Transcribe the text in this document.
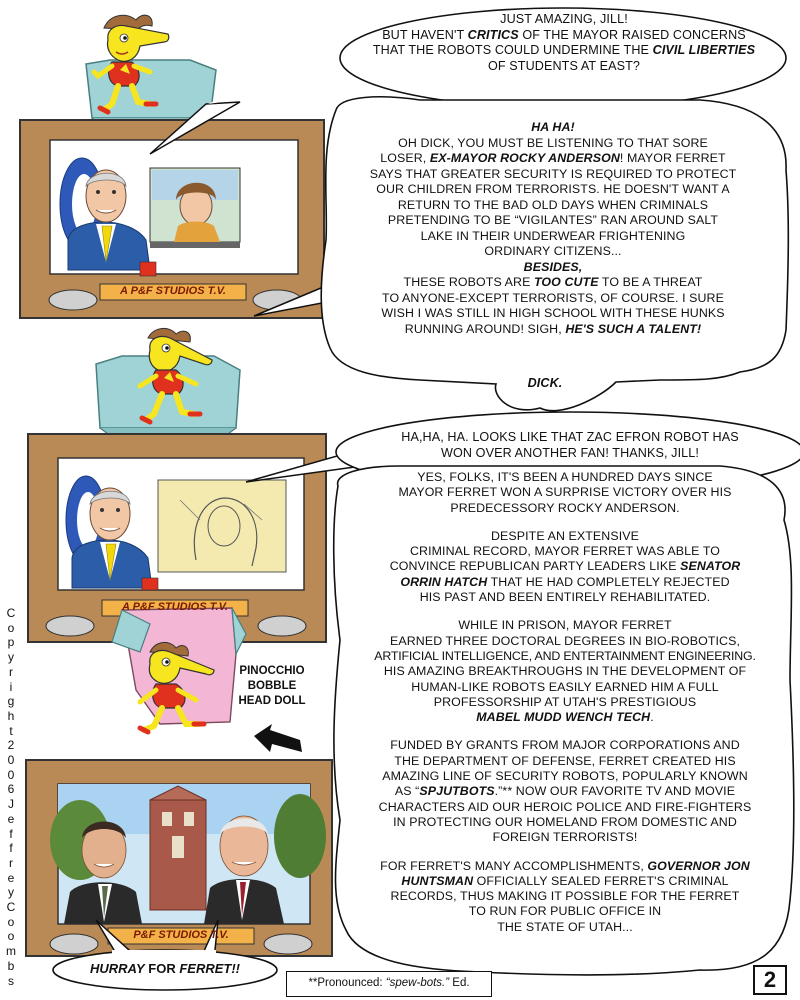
A P&F STUDIOS T.V.
A P&F STUDIOS T.V.
P&F STUDIOS T.V.

JUST AMAZING, JILL!

BUT HAVEN'T CRITICS OF THE MAYOR RAISED CONCERNS

THAT THE ROBOTS COULD UNDERMINE THE CIVIL LIBERTIES

OF STUDENTS AT EAST?

HA HA!

OH DICK, YOU MUST BE LISTENING TO THAT SORE

LOSER, EX-MAYOR ROCKY ANDERSON! MAYOR FERRET

SAYS THAT GREATER SECURITY IS REQUIRED TO PROTECT

OUR CHILDREN FROM TERRORISTS. HE DOESN'T WANT A

RETURN TO THE BAD OLD DAYS WHEN CRIMINALS

PRETENDING TO BE “VIGILANTES” RAN AROUND SALT

LAKE IN THEIR UNDERWEAR FRIGHTENING

ORDINARY CITIZENS...

BESIDES,

THESE ROBOTS ARE TOO CUTE TO BE A THREAT

TO ANYONE-EXCEPT TERRORISTS, OF COURSE. I SURE

WISH I WAS STILL IN HIGH SCHOOL WITH THESE HUNKS

RUNNING AROUND! SIGH, HE'S SUCH A TALENT!

DICK.

HA,HA, HA. LOOKS LIKE THAT ZAC EFRON ROBOT HAS

WON OVER ANOTHER FAN! THANKS, JILL!

YES, FOLKS, IT'S BEEN A HUNDRED DAYS SINCE

MAYOR FERRET WON A SURPRISE VICTORY OVER HIS

PREDECESSORY ROCKY ANDERSON.

DESPITE AN EXTENSIVE

CRIMINAL RECORD, MAYOR FERRET WAS ABLE TO

CONVINCE REPUBLICAN PARTY LEADERS LIKE SENATOR

ORRIN HATCH THAT HE HAD COMPLETELY REJECTED

HIS PAST AND BEEN ENTIRELY REHABILITATED.

WHILE IN PRISON, MAYOR FERRET

EARNED THREE DOCTORAL DEGREES IN BIO-ROBOTICS,

ARTIFICIAL INTELLIGENCE, AND ENTERTAINMENT ENGINEERING.

HIS AMAZING BREAKTHROUGHS IN THE DEVELOPMENT OF

HUMAN-LIKE ROBOTS EASILY EARNED HIM A FULL

PROFESSORSHIP AT UTAH'S PRESTIGIOUS

MABEL MUDD WENCH TECH.

FUNDED BY GRANTS FROM MAJOR CORPORATIONS AND

THE DEPARTMENT OF DEFENSE, FERRET CREATED HIS

AMAZING LINE OF SECURITY ROBOTS, POPULARLY KNOWN

AS “SPJUTBOTS.”** NOW OUR FAVORITE TV AND MOVIE

CHARACTERS AID OUR HEROIC POLICE AND FIRE-FIGHTERS

IN PROTECTING OUR HOMELAND FROM DOMESTIC AND

FOREIGN TERRORISTS!

FOR FERRET'S MANY ACCOMPLISHMENTS, GOVERNOR JON

HUNTSMAN OFFICIALLY SEALED FERRET'S CRIMINAL

RECORDS, THUS MAKING IT POSSIBLE FOR THE FERRET

TO RUN FOR PUBLIC OFFICE IN

THE STATE OF UTAH...

PINOCCHIO BOBBLE HEAD DOLL
HURRAY FOR FERRET!!
**Pronounced: “spew-bots.” Ed.	2
C
o
p
y
r
i
g
h
t
2
0
0
6
J
e
f
f
r
e
y
C
o
o
m
b
s
